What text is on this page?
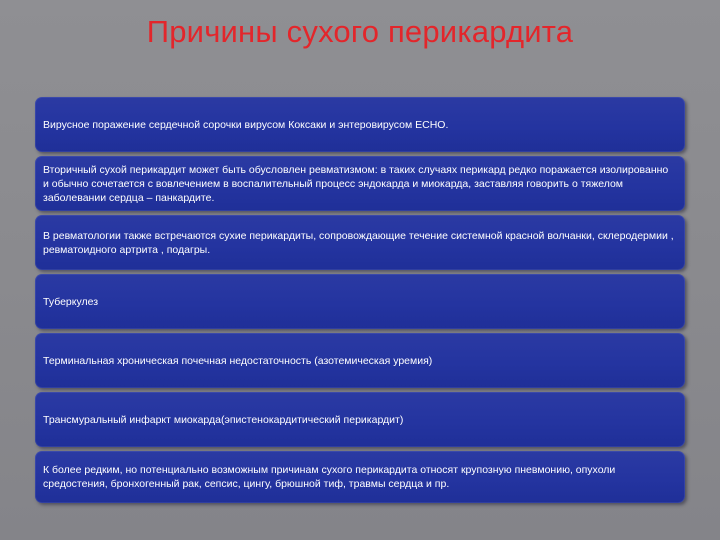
Причины сухого перикардита
Вирусное поражение сердечной сорочки вирусом Коксаки и энтеровирусом ECHO.
Вторичный сухой перикардит может быть обусловлен ревматизмом: в таких случаях перикард редко поражается изолированно и обычно сочетается с вовлечением в воспалительный процесс эндокарда и миокарда, заставляя говорить о тяжелом заболевании сердца – панкардите.
В ревматологии также встречаются сухие перикардиты, сопровождающие течение системной красной волчанки, склеродермии , ревматоидного артрита , подагры.
Туберкулез
Терминальная хроническая почечная недостаточность (азотемическая уремия)
Трансмуральный инфаркт миокарда(эпистенокардитический перикардит)
К более редким, но потенциально возможным причинам сухого перикардита относят крупозную пневмонию, опухоли средостения, бронхогенный рак, сепсис, цингу, брюшной тиф, травмы сердца и пр.
